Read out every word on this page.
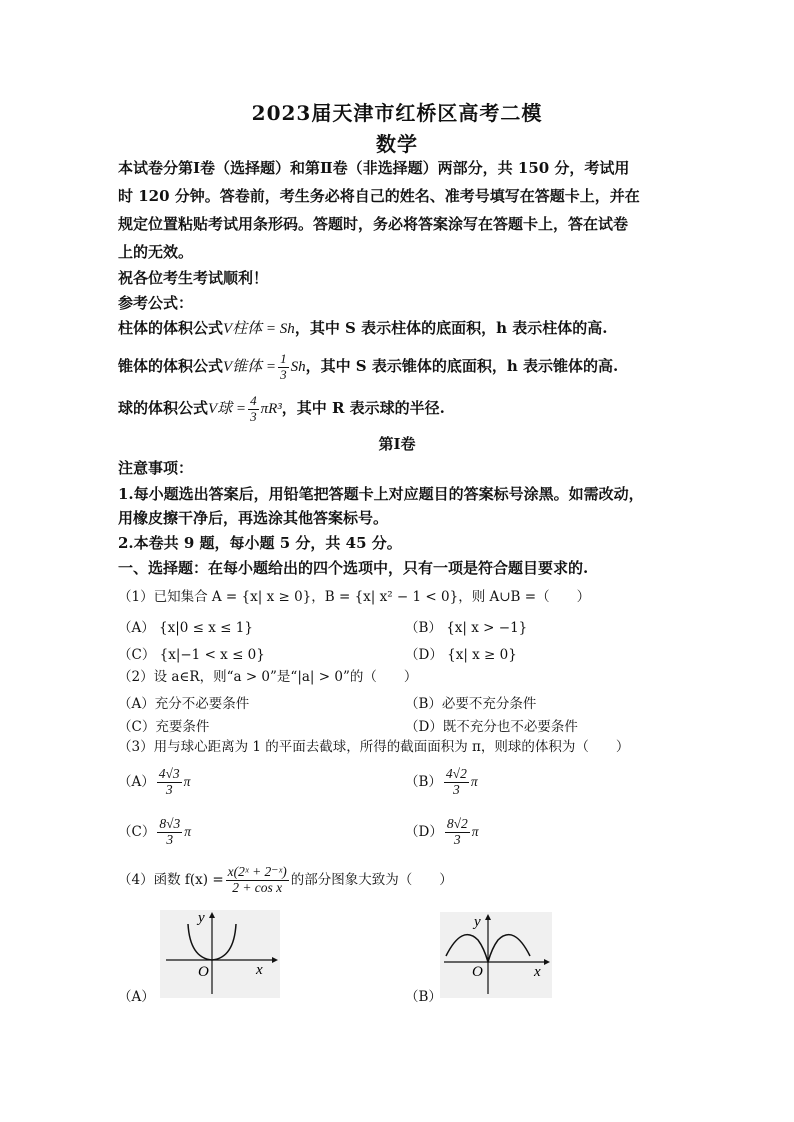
2023届天津市红桥区高考二模
数学
本试卷分第Ⅰ卷（选择题）和第Ⅱ卷（非选择题）两部分，共 150 分，考试用
时 120 分钟。答卷前，考生务必将自己的姓名、准考号填写在答题卡上，并在
规定位置粘贴考试用条形码。答题时，务必将答案涂写在答题卡上，答在试卷
上的无效。
祝各位考生考试顺利！
参考公式：
柱体的体积公式V柱体 = Sh，其中 S 表示柱体的底面积，h 表示柱体的高.
锥体的体积公式V锥体 = $\frac{1}{3}$ Sh，其中 S 表示锥体的底面积，h 表示锥体的高.
球的体积公式V球 = $\frac{4}{3} \pi R^3$，其中 R 表示球的半径.
第Ⅰ卷
注意事项：
1.每小题选出答案后，用铅笔把答题卡上对应题目的答案标号涂黑。如需改动，
用橡皮擦干净后，再选涂其他答案标号。
2.本卷共 9 题，每小题 5 分，共 45 分。
一、选择题：在每小题给出的四个选项中，只有一项是符合题目要求的.
（1）已知集合 A = {x| x ≥ 0}，B = {x| x² − 1 < 0}，则 A∪B =（　　）
（A） {x|0 ≤ x ≤ 1}	（B） {x| x > −1}
（C） {x|−1 < x ≤ 0}	（D） {x| x ≥ 0}
（2）设 a∈R，则“a > 0”是“|a| > 0”的（　　）
（A）充分不必要条件	（B）必要不充分条件
（C）充要条件	（D）既不充分也不必要条件
（3）用与球心距离为 1 的平面去截球，所得的截面面积为 π，则球的体积为（　　）
$(A) \frac{4√3}{3}$ π	$(B) \frac{4√2}{3}$ π
$(C) \frac{8√3}{3}$ π	$(D) \frac{8√2}{3}$ π
（4）函数 $f(x) = \frac{\text{x(2ˣ + 2⁻ˣ)}}{\text{2 + cos x}}$ 的部分图象大致为（　　）
y
x
O
（A）
y
x
O
（B）
